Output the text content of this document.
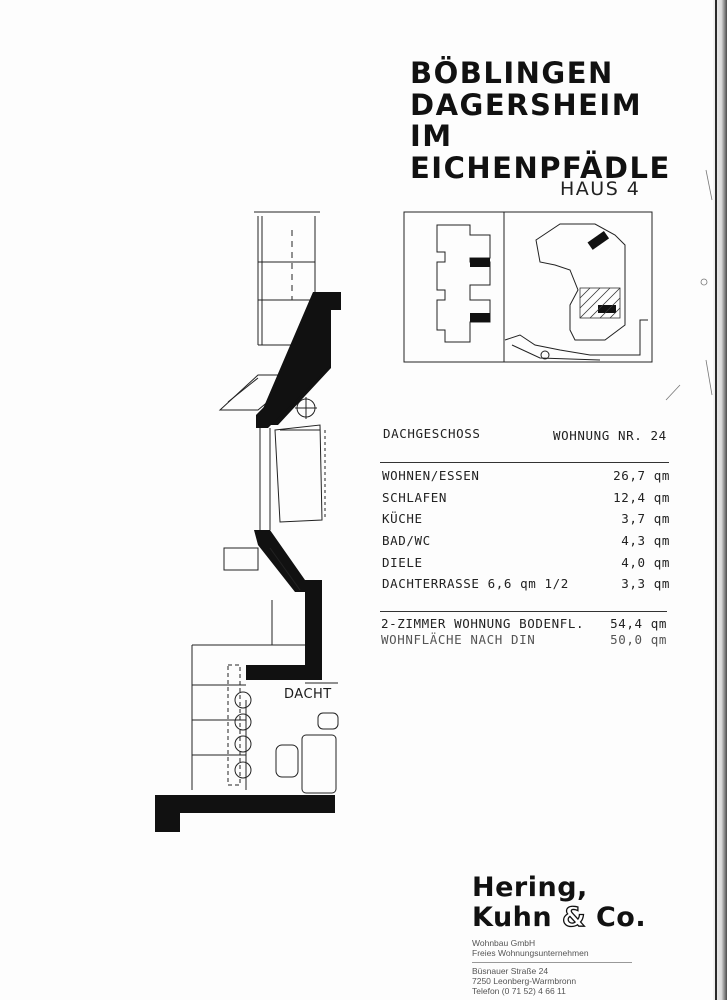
BÖBLINGEN
DAGERSHEIM
IM
EICHENPFÄDLE
HAUS 4
DACHT
DACHGESCHOSS	WOHNUNG NR. 24
WOHNEN/ESSEN	26,7 qm
SCHLAFEN	12,4 qm
KÜCHE	3,7 qm
BAD/WC	4,3 qm
DIELE	4,0 qm
DACHTERRASSE 6,6 qm 1/2	3,3 qm
2-ZIMMER WOHNUNG BODENFL.	54,4 qm
WOHNFLÄCHE NACH DIN	50,0 qm
Hering,
Kuhn & Co.
Wohnbau GmbH
Freies Wohnungsunternehmen
Büsnauer Straße 24
7250 Leonberg-Warmbronn
Telefon (0 71 52) 4 66 11
